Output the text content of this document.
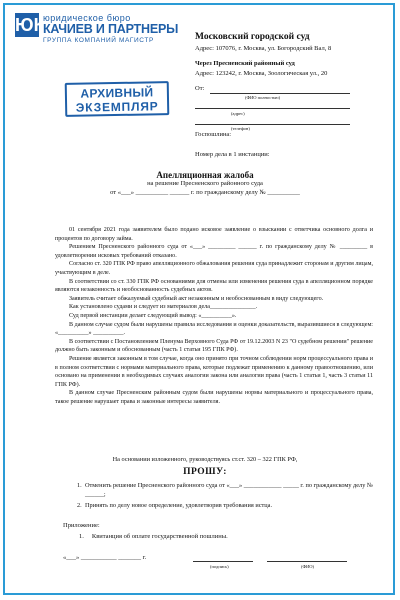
ЮК
юридическое бюро
КАЧИЕВ И ПАРТНЕРЫ
ГРУППА КОМПАНИЙ МАГИСТР
АРХИВНЫЙ
ЭКЗЕМПЛЯР
Московский городской суд
Адрес: 107076, г. Москва, ул. Богородский Вал, 8
Через Пресненский районный суд
Адрес: 123242, г. Москва, Зоологическая ул., 20
От:
(ФИО полностью)
(адрес)
(телефон)
Госпошлина:
Номер дела в 1 инстанции:
Апелляционная жалоба
на решение Пресненского районного суда
от «___» __________ ______ г. по гражданскому делу № __________

01 сентября 2021 года заявителем было подано исковое заявление о взыскании с ответчика основного долга и процентов по договору займа.

Решением Пресненского районного суда от «___» _________ ______ г. по гражданскому делу № _________ в удовлетворении исковых требований отказано.

Согласно ст. 320 ГПК РФ право апелляционного обжалования решения суда принадлежит сторонам и другим лицам, участвующим в деле.

В соответствии со ст. 330 ГПК РФ основаниями для отмены или изменения решения суда в апелляционном порядке являются незаконность и необоснованность судебных актов.

Заявитель считает обжалуемый судебный акт незаконным и необоснованным в виду следующего.

Как установлено судами и следует из материалов дела_______________.

Суд первой инстанции делает следующий вывод: «__________».

В данном случае судом были нарушены правила исследования и оценки доказательств, выразившиеся в следующем: «__________» __________.

В соответствии с Постановлением Пленума Верховного Суда РФ от 19.12.2003 N 23 "О судебном решении" решение должно быть законным и обоснованным (часть 1 статьи 195 ГПК РФ).

Решение является законным в том случае, когда оно принято при точном соблюдении норм процессуального права и в полном соответствии с нормами материального права, которые подлежат применению к данному правоотношению, или основано на применении в необходимых случаях аналогии закона или аналогии права (часть 1 статьи 1, часть 3 статьи 11 ГПК РФ).

В данном случае Пресненским районным судом были нарушены нормы материального и процессуального права, такое решение нарушает права и законные интересы заявителя.

На основании изложенного, руководствуясь ст.ст. 320 – 322 ГПК РФ,
ПРОШУ:
1. Отменить решение Пресненского районного суда от «___» ____________ _____ г. по гражданскому делу № ______;
2. Принять по делу новое определение, удовлетворив требования истца.
Приложение:
1. Квитанция об оплате государственной пошлины.
«___» ___________ _______ г.
(подпись)	(ФИО)
